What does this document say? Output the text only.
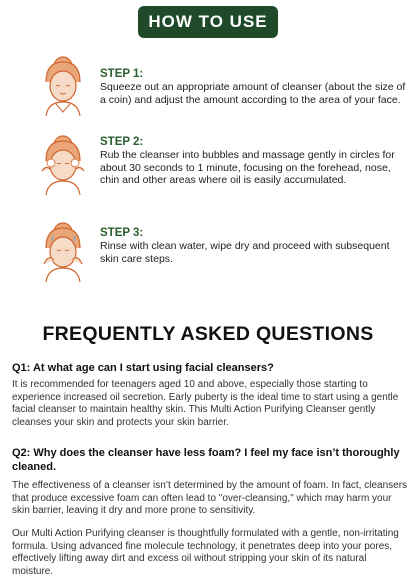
HOW TO USE
STEP 1:
Squeeze out an appropriate amount of cleanser (about the size of a coin) and adjust the amount according to the area of your face.
STEP 2:
Rub the cleanser into bubbles and massage gently in circles for about 30 seconds to 1 minute, focusing on the forehead, nose, chin and other areas where oil is easily accumulated.
STEP 3:
Rinse with clean water, wipe dry and proceed with subsequent skin care steps.
FREQUENTLY ASKED QUESTIONS
Q1: At what age can I start using facial cleansers?
It is recommended for teenagers aged 10 and above, especially those starting to experience increased oil secretion. Early puberty is the ideal time to start using a gentle facial cleanser to maintain healthy skin. This Multi Action Purifying Cleanser gently cleanses your skin and protects your skin barrier.
Q2: Why does the cleanser have less foam? I feel my face isn’t thoroughly cleaned.
The effectiveness of a cleanser isn’t determined by the amount of foam. In fact, cleansers that produce excessive foam can often lead to "over-cleansing," which may harm your skin barrier, leaving it dry and more prone to sensitivity.
Our Multi Action Purifying cleanser is thoughtfully formulated with a gentle, non-irritating formula. Using advanced fine molecule technology, it penetrates deep into your pores, effectively lifting away dirt and excess oil without stripping your skin of its natural moisture.
